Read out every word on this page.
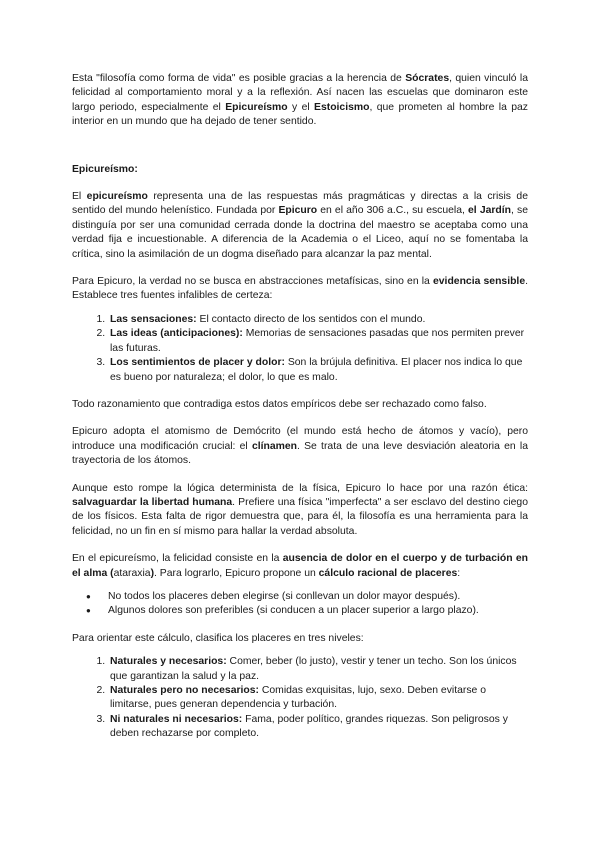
Esta "filosofía como forma de vida" es posible gracias a la herencia de Sócrates, quien vinculó la felicidad al comportamiento moral y a la reflexión. Así nacen las escuelas que dominaron este largo periodo, especialmente el Epicureísmo y el Estoicismo, que prometen al hombre la paz interior en un mundo que ha dejado de tener sentido.

Epicureísmo:

El epicureísmo representa una de las respuestas más pragmáticas y directas a la crisis de sentido del mundo helenístico. Fundada por Epicuro en el año 306 a.C., su escuela, el Jardín, se distinguía por ser una comunidad cerrada donde la doctrina del maestro se aceptaba como una verdad fija e incuestionable. A diferencia de la Academia o el Liceo, aquí no se fomentaba la crítica, sino la asimilación de un dogma diseñado para alcanzar la paz mental.

Para Epicuro, la verdad no se busca en abstracciones metafísicas, sino en la evidencia sensible. Establece tres fuentes infalibles de certeza:

1. Las sensaciones: El contacto directo de los sentidos con el mundo.
2. Las ideas (anticipaciones): Memorias de sensaciones pasadas que nos permiten prever las futuras.
3. Los sentimientos de placer y dolor: Son la brújula definitiva. El placer nos indica lo que es bueno por naturaleza; el dolor, lo que es malo.

Todo razonamiento que contradiga estos datos empíricos debe ser rechazado como falso.

Epicuro adopta el atomismo de Demócrito (el mundo está hecho de átomos y vacío), pero introduce una modificación crucial: el clínamen. Se trata de una leve desviación aleatoria en la trayectoria de los átomos.

Aunque esto rompe la lógica determinista de la física, Epicuro lo hace por una razón ética: salvaguardar la libertad humana. Prefiere una física "imperfecta" a ser esclavo del destino ciego de los físicos. Esta falta de rigor demuestra que, para él, la filosofía es una herramienta para la felicidad, no un fin en sí mismo para hallar la verdad absoluta.

En el epicureísmo, la felicidad consiste en la ausencia de dolor en el cuerpo y de turbación en el alma (ataraxia). Para lograrlo, Epicuro propone un cálculo racional de placeres:

● No todos los placeres deben elegirse (si conllevan un dolor mayor después).
● Algunos dolores son preferibles (si conducen a un placer superior a largo plazo).

Para orientar este cálculo, clasifica los placeres en tres niveles:

1. Naturales y necesarios: Comer, beber (lo justo), vestir y tener un techo. Son los únicos que garantizan la salud y la paz.
2. Naturales pero no necesarios: Comidas exquisitas, lujo, sexo. Deben evitarse o limitarse, pues generan dependencia y turbación.
3. Ni naturales ni necesarios: Fama, poder político, grandes riquezas. Son peligrosos y deben rechazarse por completo.
